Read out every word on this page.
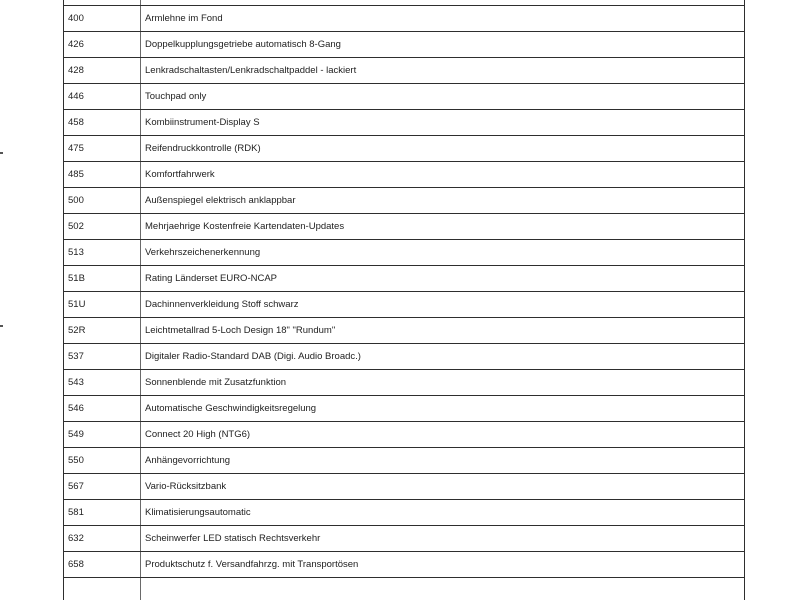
400	Armlehne im Fond
426	Doppelkupplungsgetriebe automatisch 8-Gang
428	Lenkradschaltasten/Lenkradschaltpaddel - lackiert
446	Touchpad only
458	Kombiinstrument-Display S
475	Reifendruckkontrolle (RDK)
485	Komfortfahrwerk
500	Außenspiegel elektrisch anklappbar
502	Mehrjaehrige Kostenfreie Kartendaten-Updates
513	Verkehrszeichenerkennung
51B	Rating Länderset EURO-NCAP
51U	Dachinnenverkleidung Stoff schwarz
52R	Leichtmetallrad 5-Loch Design 18" "Rundum"
537	Digitaler Radio-Standard DAB (Digi. Audio Broadc.)
543	Sonnenblende mit Zusatzfunktion
546	Automatische Geschwindigkeitsregelung
549	Connect 20 High (NTG6)
550	Anhängevorrichtung
567	Vario-Rücksitzbank
581	Klimatisierungsautomatic
632	Scheinwerfer LED statisch Rechtsverkehr
658	Produktschutz f. Versandfahrzg. mit Transportösen
